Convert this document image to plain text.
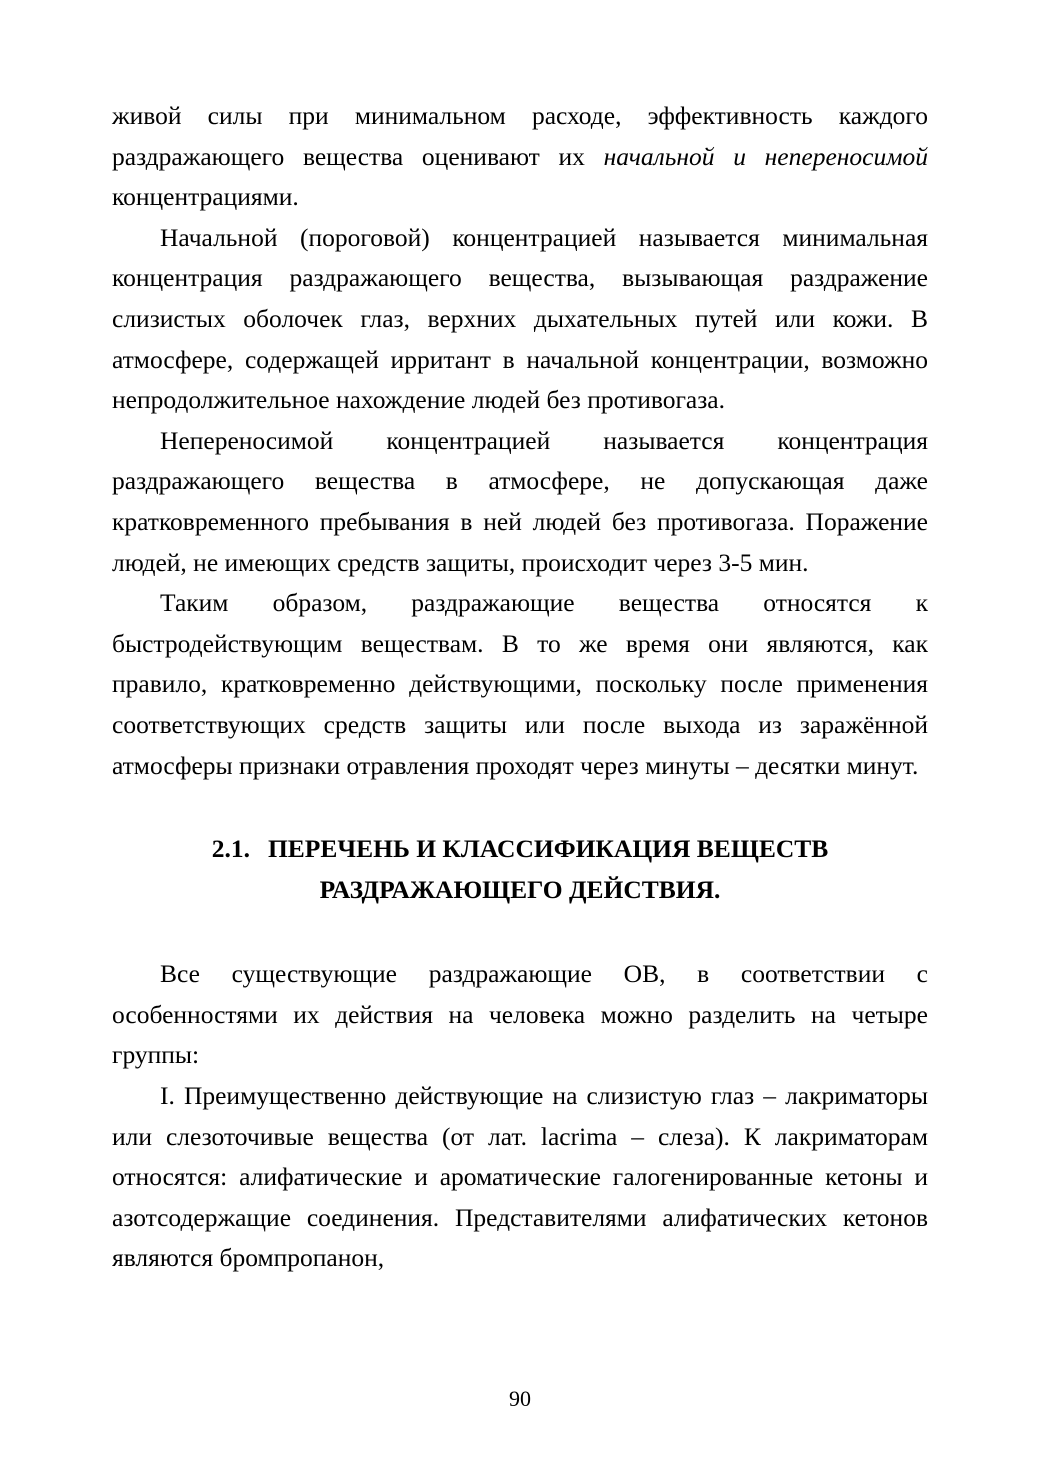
живой силы при минимальном расходе, эффективность каждого раздражающего вещества оценивают их начальной и непереносимой концентрациями.

Начальной (пороговой) концентрацией называется минимальная концентрация раздражающего вещества, вызывающая раздражение слизистых оболочек глаз, верхних дыхательных путей или кожи. В атмосфере, содержащей ирритант в начальной концентрации, возможно непродолжительное нахождение людей без противогаза.

Непереносимой концентрацией называется концентрация раздражающего вещества в атмосфере, не допускающая даже кратковременного пребывания в ней людей без противогаза. Поражение людей, не имеющих средств защиты, происходит через 3-5 мин.

Таким образом, раздражающие вещества относятся к быстродействующим веществам. В то же время они являются, как правило, кратковременно действующими, поскольку после применения соответствующих средств защиты или после выхода из заражённой атмосферы признаки отравления проходят через минуты – десятки минут.

2.1. ПЕРЕЧЕНЬ И КЛАССИФИКАЦИЯ ВЕЩЕСТВ

РАЗДРАЖАЮЩЕГО ДЕЙСТВИЯ.

Все существующие раздражающие ОВ, в соответствии с особенностями их действия на человека можно разделить на четыре группы:

I. Преимущественно действующие на слизистую глаз – лакриматоры или слезоточивые вещества (от лат. lacrima – слеза). К лакриматорам относятся: алифатические и ароматические галогенированные кетоны и азотсодержащие соединения. Представителями алифатических кетонов являются бромпропанон,

90
